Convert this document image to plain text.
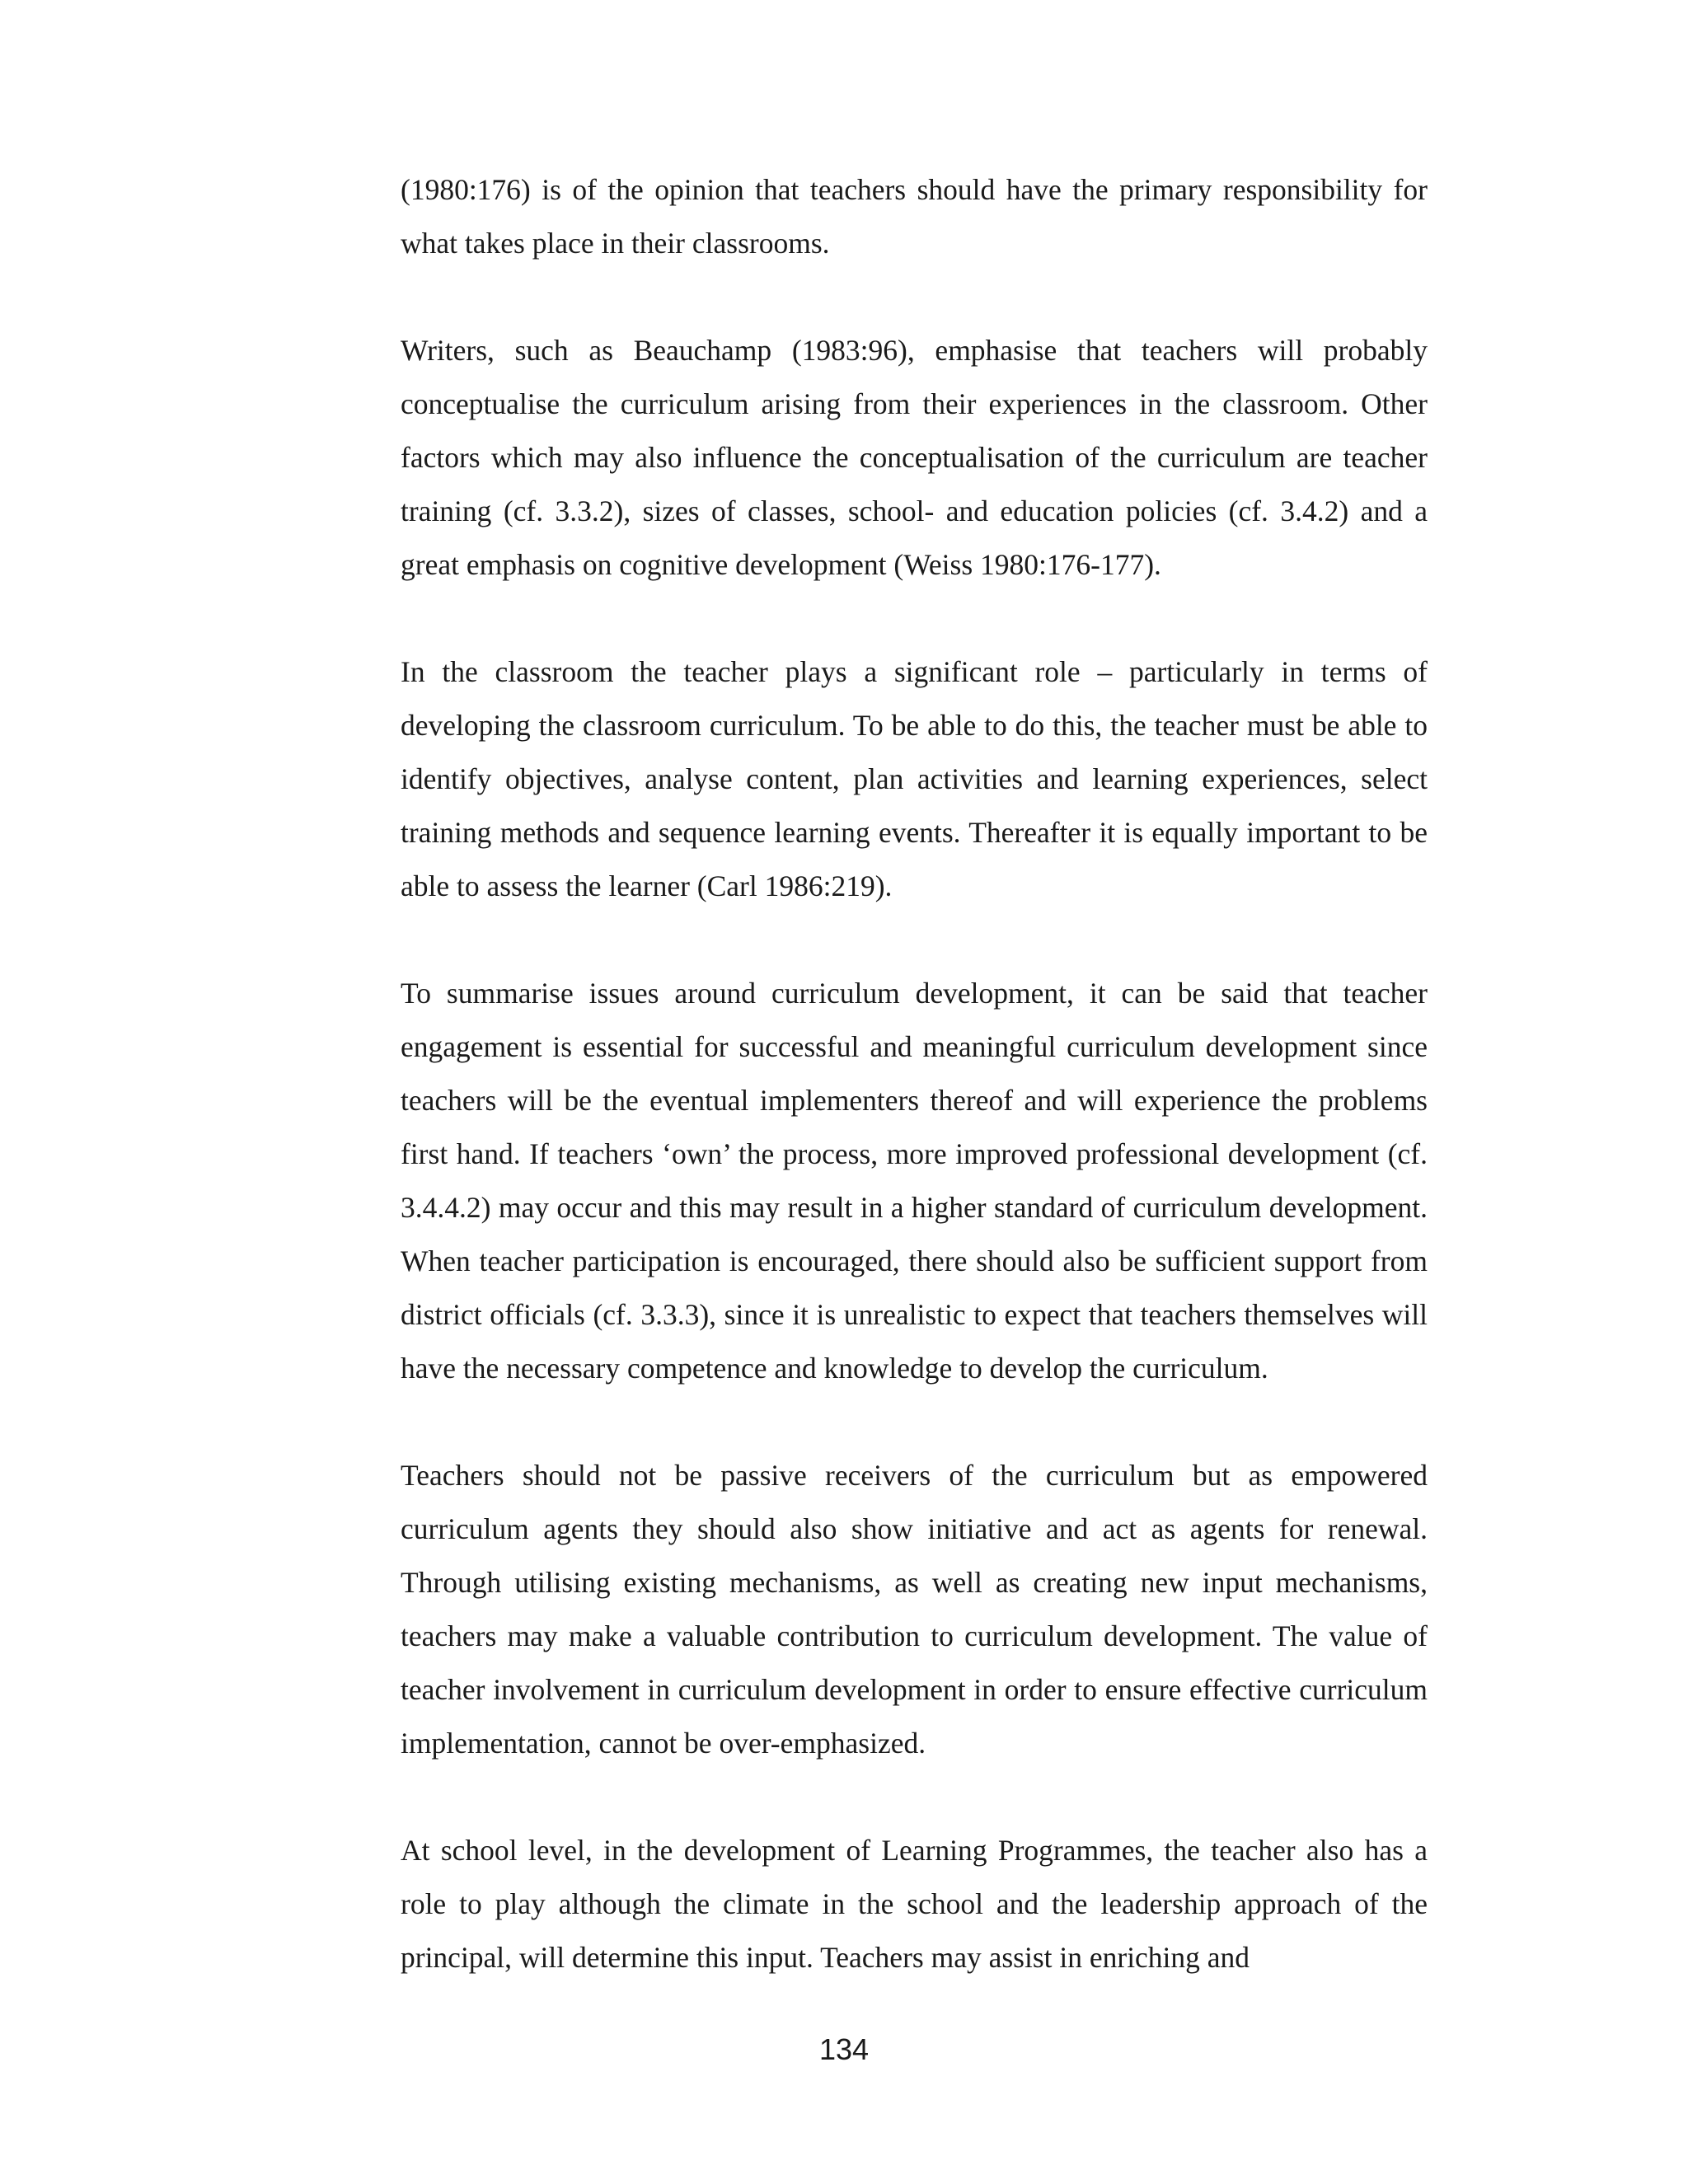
(1980:176) is of the opinion that teachers should have the primary responsibility for what takes place in their classrooms.

Writers, such as Beauchamp (1983:96), emphasise that teachers will probably conceptualise the curriculum arising from their experiences in the classroom. Other factors which may also influence the conceptualisation of the curriculum are teacher training (cf. 3.3.2), sizes of classes, school- and education policies (cf. 3.4.2) and a great emphasis on cognitive development (Weiss 1980:176-177).

In the classroom the teacher plays a significant role – particularly in terms of developing the classroom curriculum. To be able to do this, the teacher must be able to identify objectives, analyse content, plan activities and learning experiences, select training methods and sequence learning events. Thereafter it is equally important to be able to assess the learner (Carl 1986:219).

To summarise issues around curriculum development, it can be said that teacher engagement is essential for successful and meaningful curriculum development since teachers will be the eventual implementers thereof and will experience the problems first hand. If teachers ‘own’ the process, more improved professional development (cf. 3.4.4.2) may occur and this may result in a higher standard of curriculum development. When teacher participation is encouraged, there should also be sufficient support from district officials (cf. 3.3.3), since it is unrealistic to expect that teachers themselves will have the necessary competence and knowledge to develop the curriculum.

Teachers should not be passive receivers of the curriculum but as empowered curriculum agents they should also show initiative and act as agents for renewal. Through utilising existing mechanisms, as well as creating new input mechanisms, teachers may make a valuable contribution to curriculum development. The value of teacher involvement in curriculum development in order to ensure effective curriculum implementation, cannot be over-emphasized.

At school level, in the development of Learning Programmes, the teacher also has a role to play although the climate in the school and the leadership approach of the principal, will determine this input. Teachers may assist in enriching and

134
